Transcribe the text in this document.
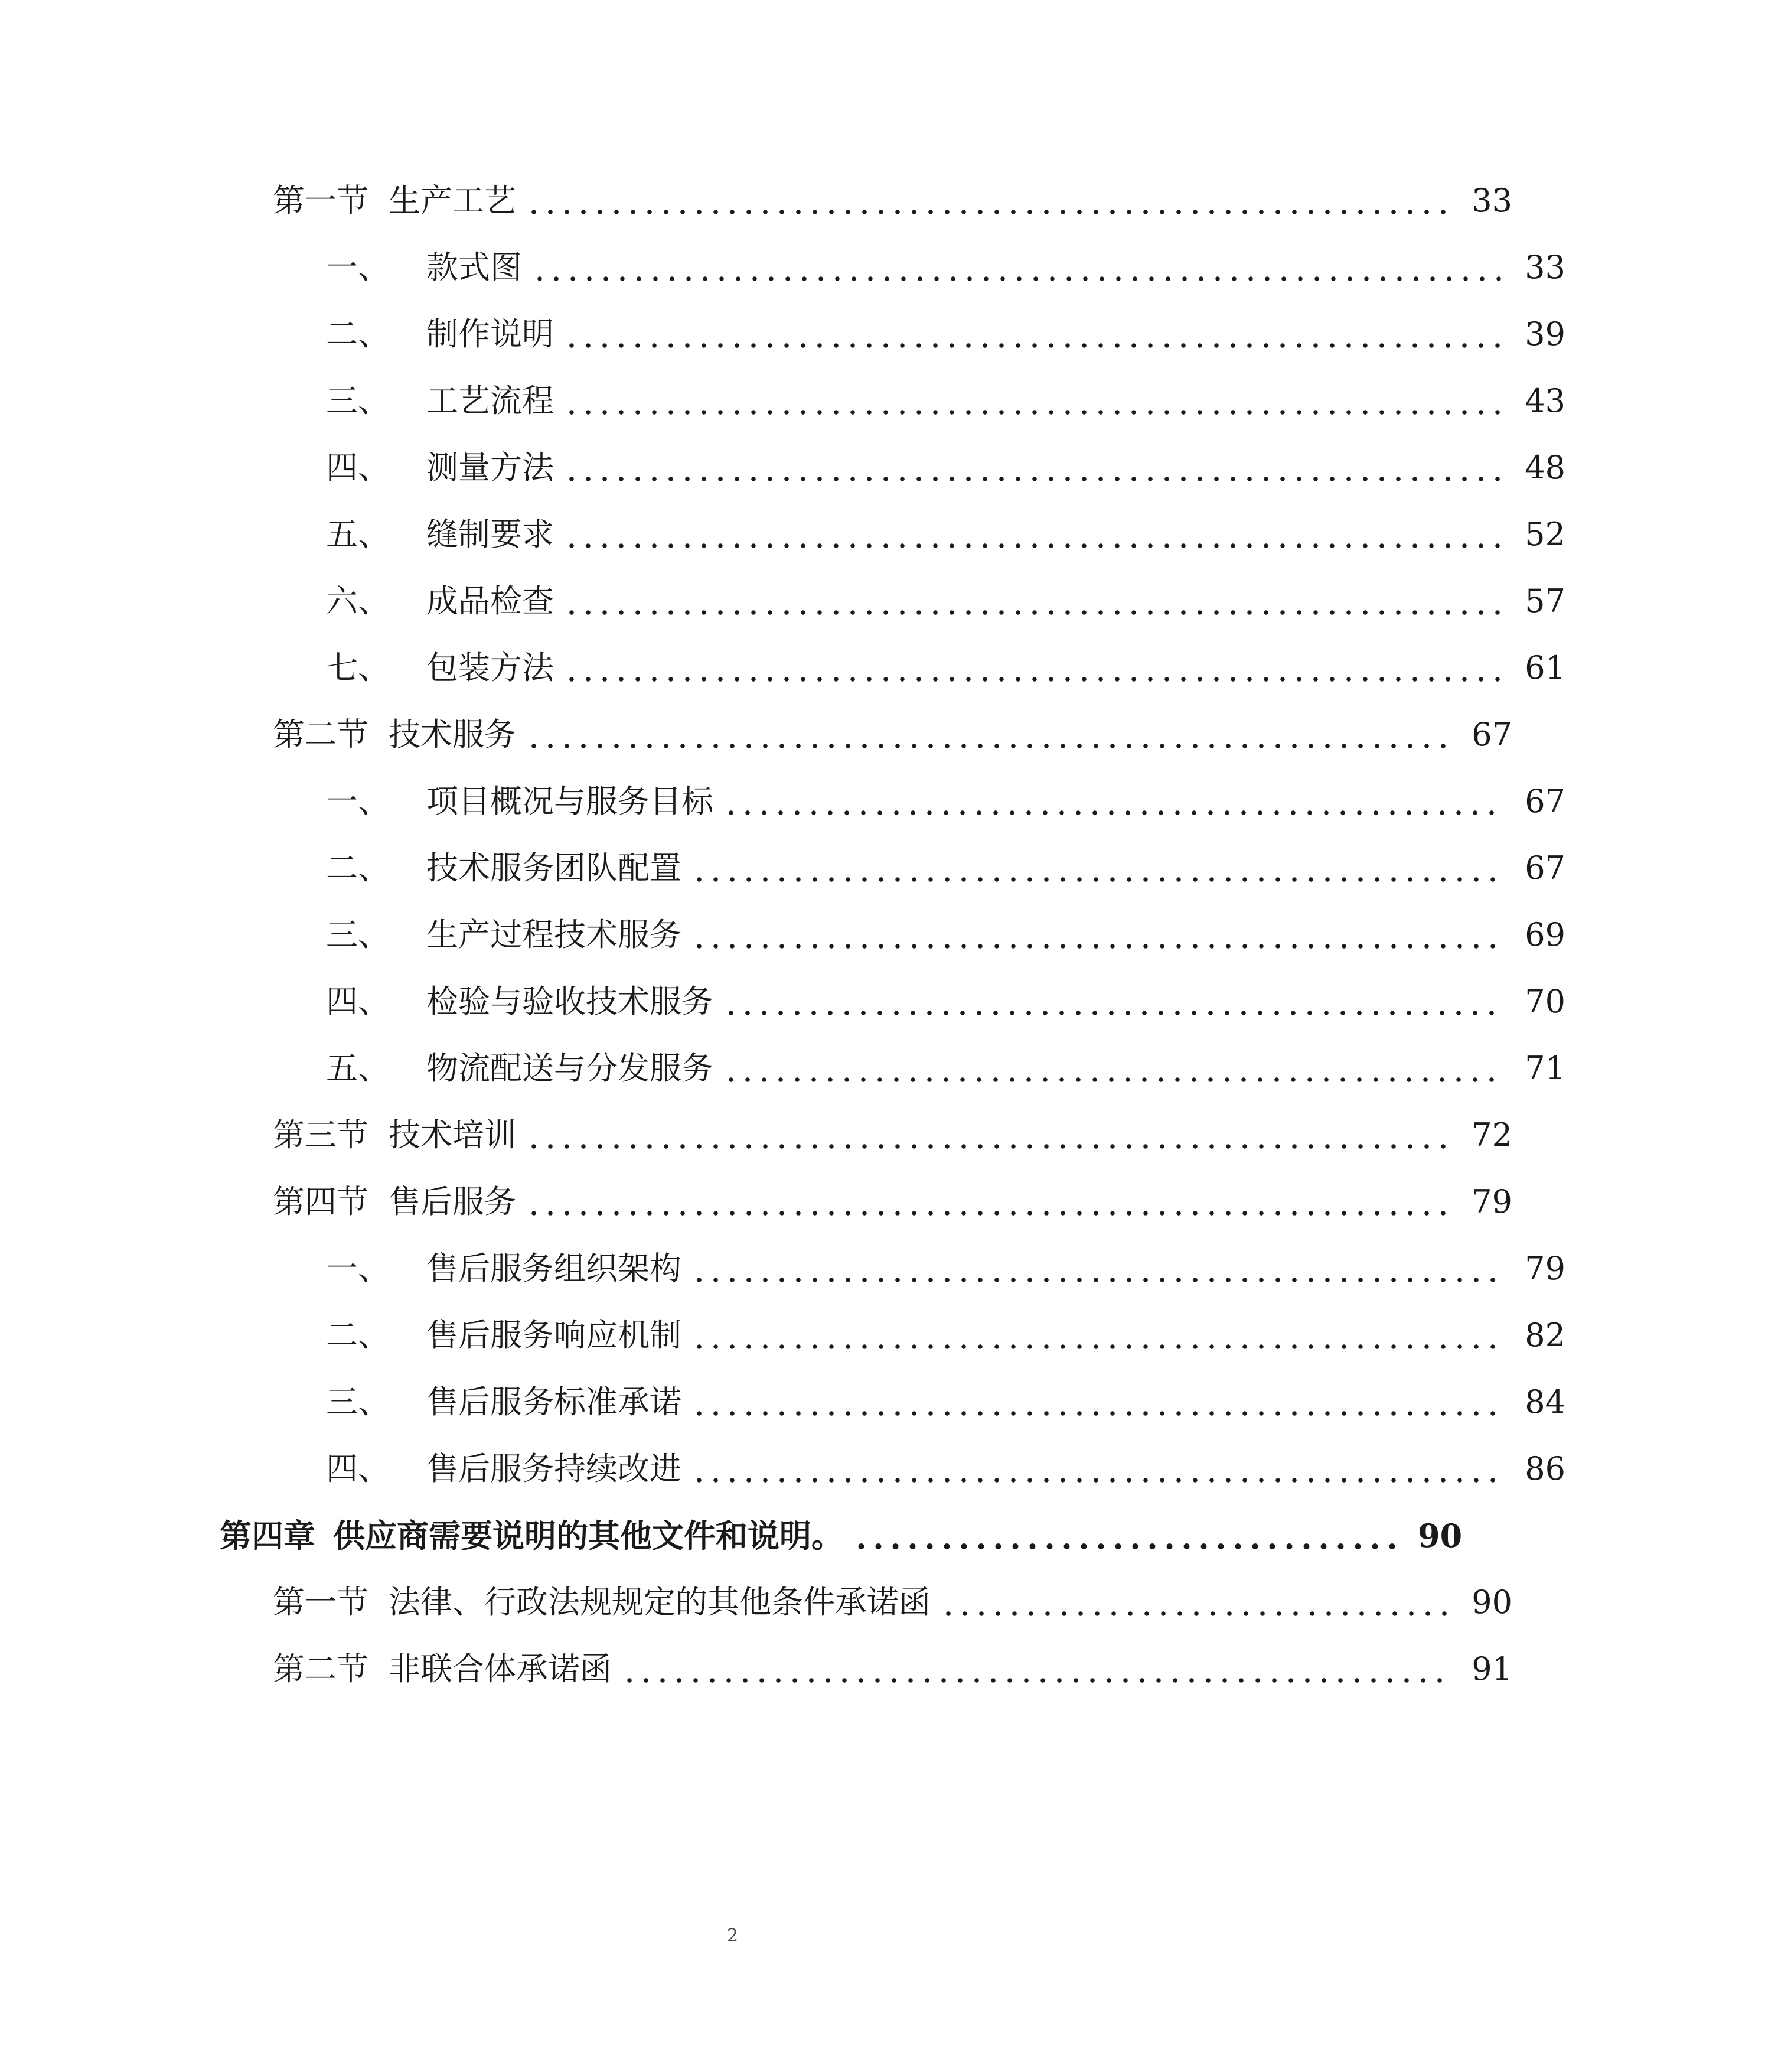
第一节 生产工艺	33
一、 款式图	33
二、 制作说明	39
三、 工艺流程	43
四、 测量方法	48
五、 缝制要求	52
六、 成品检查	57
七、 包装方法	61
第二节 技术服务	67
一、 项目概况与服务目标	67
二、 技术服务团队配置	67
三、 生产过程技术服务	69
四、 检验与验收技术服务	70
五、 物流配送与分发服务	71
第三节 技术培训	72
第四节 售后服务	79
一、 售后服务组织架构	79
二、 售后服务响应机制	82
三、 售后服务标准承诺	84
四、 售后服务持续改进	86
第四章 供应商需要说明的其他文件和说明。	90
第一节 法律、行政法规规定的其他条件承诺函	90
第二节 非联合体承诺函	91
2
